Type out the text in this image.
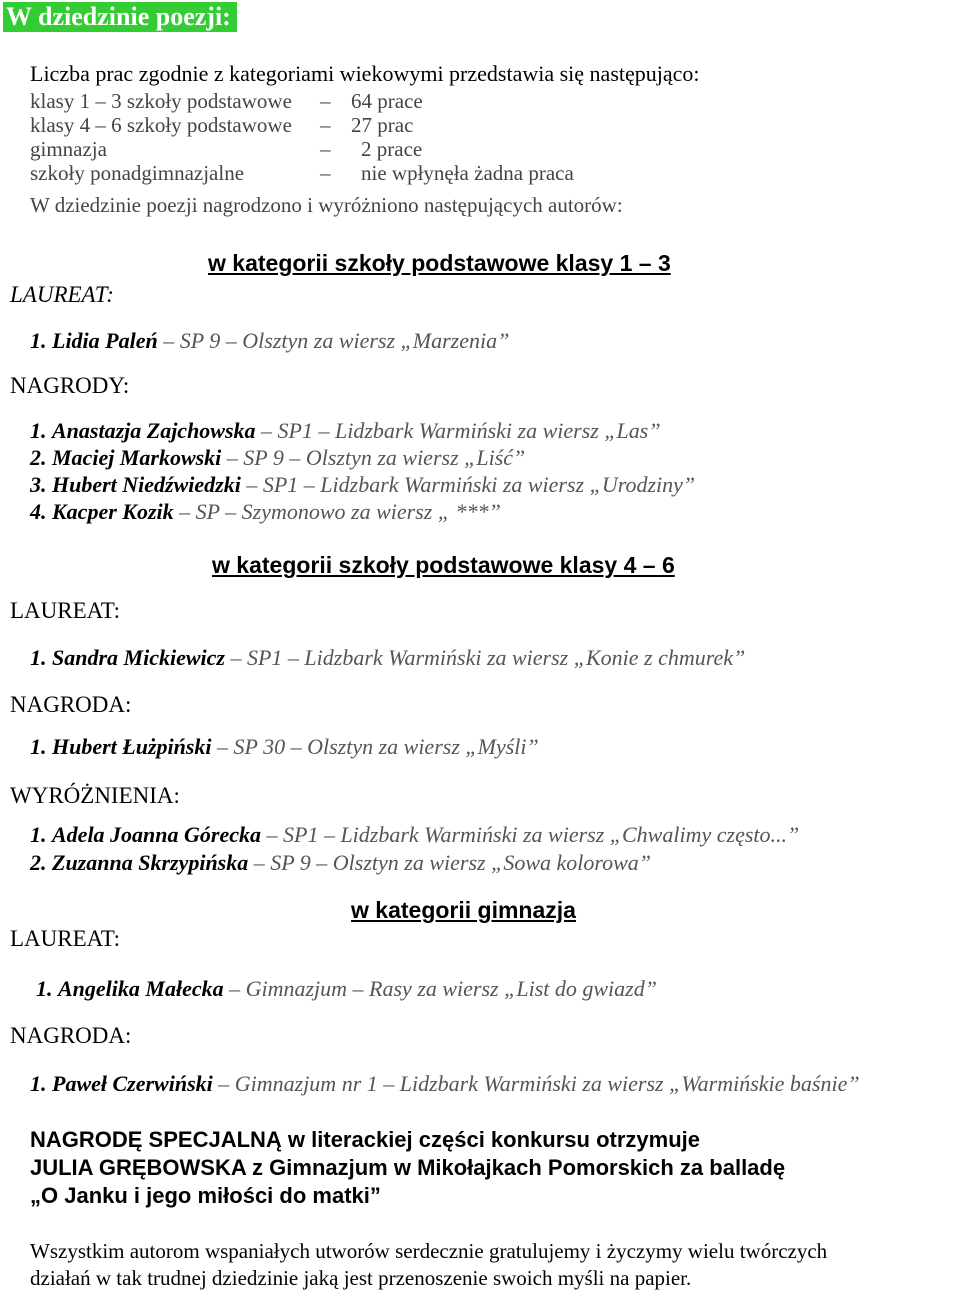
W dziedzinie poezji:
Liczba prac zgodnie z kategoriami wiekowymi przedstawia się następująco:
klasy 1 – 3 szkoły podstawowe – 64 prace
klasy 4 – 6 szkoły podstawowe – 27 prac
gimnazja	– 2 prace
szkoły ponadgimnazjalne	– nie wpłynęła żadna praca
W dziedzinie poezji nagrodzono i wyróżniono następujących autorów:
w kategorii szkoły podstawowe klasy 1 – 3
LAUREAT:
1. Lidia Paleń – SP 9 – Olsztyn za wiersz „Marzenia”
NAGRODY:
1. Anastazja Zajchowska – SP1 – Lidzbark Warmiński za wiersz „Las”
2. Maciej Markowski – SP 9 – Olsztyn za wiersz „Liść”
3. Hubert Niedźwiedzki – SP1 – Lidzbark Warmiński za wiersz „Urodziny”
4. Kacper Kozik – SP – Szymonowo za wiersz „ ***”
w kategorii szkoły podstawowe klasy 4 – 6
LAUREAT:
1. Sandra Mickiewicz – SP1 – Lidzbark Warmiński za wiersz „Konie z chmurek”
NAGRODA:
1. Hubert Łużpiński – SP 30 – Olsztyn za wiersz „Myśli”
WYRÓŻNIENIA:
1. Adela Joanna Górecka – SP1 – Lidzbark Warmiński za wiersz „Chwalimy często...”
2. Zuzanna Skrzypińska – SP 9 – Olsztyn za wiersz „Sowa kolorowa”
w kategorii gimnazja
LAUREAT:
1. Angelika Małecka – Gimnazjum – Rasy za wiersz „List do gwiazd”
NAGRODA:
1. Paweł Czerwiński – Gimnazjum nr 1 – Lidzbark Warmiński za wiersz „Warmińskie baśnie”
NAGRODĘ SPECJALNĄ w literackiej części konkursu otrzymuje
JULIA GRĘBOWSKA z Gimnazjum w Mikołajkach Pomorskich za balladę
„O Janku i jego miłości do matki”
Wszystkim autorom wspaniałych utworów serdecznie gratulujemy i życzymy wielu twórczych
działań w tak trudnej dziedzinie jaką jest przenoszenie swoich myśli na papier.
